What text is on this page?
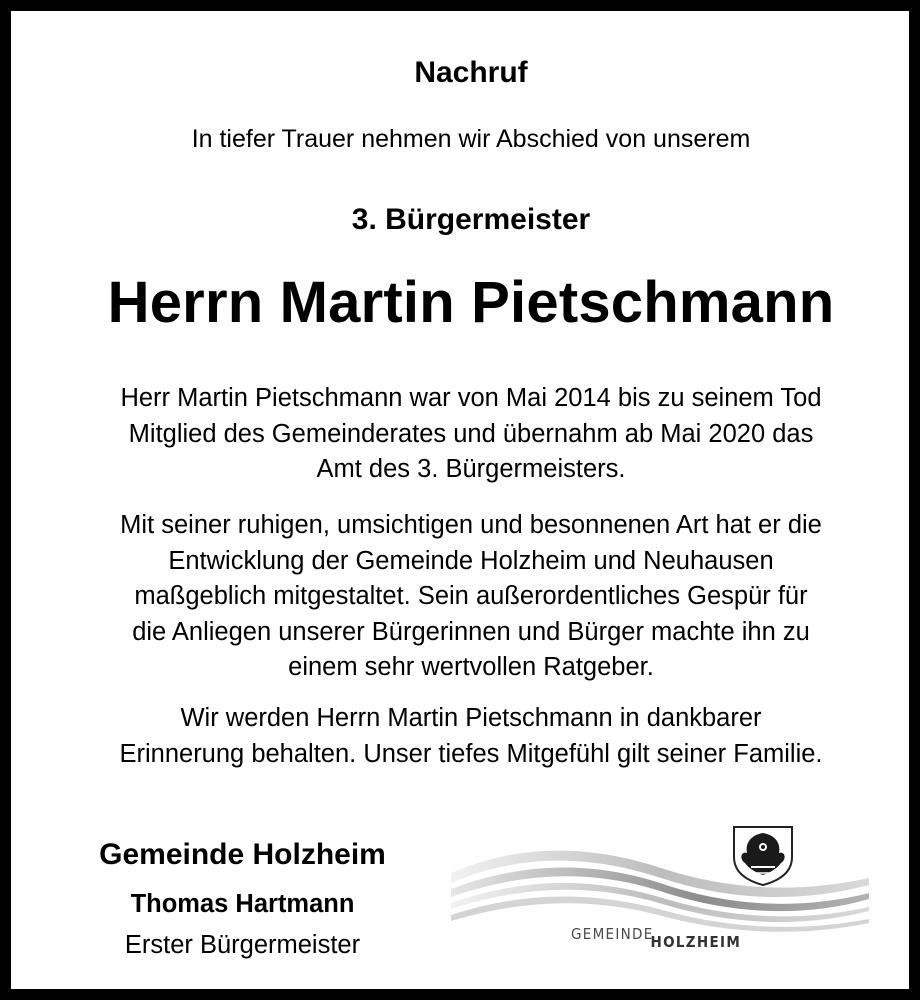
Nachruf

In tiefer Trauer nehmen wir Abschied von unserem

3. Bürgermeister
Herrn Martin Pietschmann
Herr Martin Pietschmann war von Mai 2014 bis zu seinem Tod
Mitglied des Gemeinderates und übernahm ab Mai 2020 das
Amt des 3. Bürgermeisters.
Mit seiner ruhigen, umsichtigen und besonnenen Art hat er die
Entwicklung der Gemeinde Holzheim und Neuhausen
maßgeblich mitgestaltet. Sein außerordentliches Gespür für
die Anliegen unserer Bürgerinnen und Bürger machte ihn zu
einem sehr wertvollen Ratgeber.
Wir werden Herrn Martin Pietschmann in dankbarer
Erinnerung behalten. Unser tiefes Mitgefühl gilt seiner Familie.

Gemeinde Holzheim

Thomas Hartmann

Erster Bürgermeister	GEMEINDEHOLZHEIM
